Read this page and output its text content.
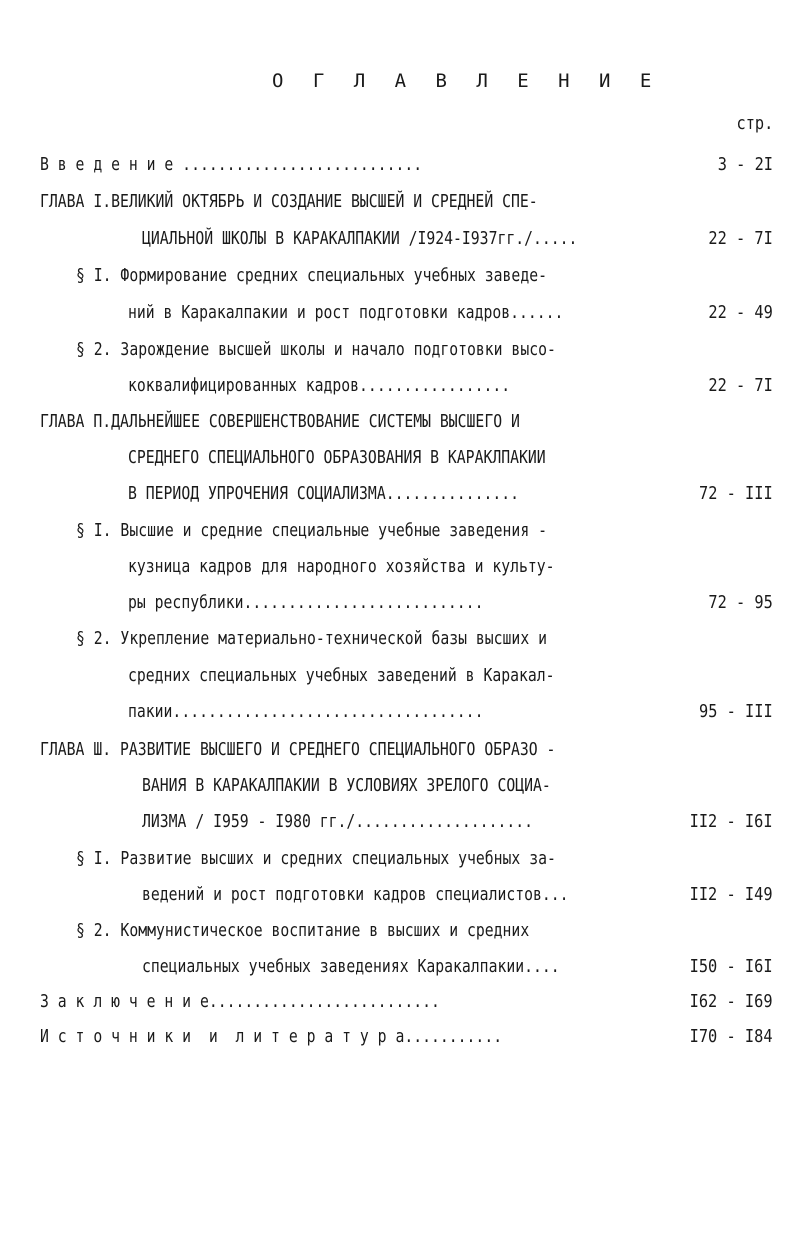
О Г Л А В Л Е Н И Е
стр.
В в е д е н и е ...........................	3 - 2I
ГЛАВА I.ВЕЛИКИЙ ОКТЯБРЬ И СОЗДАНИЕ ВЫСШЕЙ И СРЕДНЕЙ СПЕ-
ЦИАЛЬНОЙ ШКОЛЫ В КАРАКАЛПАКИИ /I924-I937гг./.....	22 - 7I
§ I. Формирование средних специальных учебных заведе-
ний в Каракалпакии и рост подготовки кадров......	22 - 49
§ 2. Зарождение высшей школы и начало подготовки высо-
коквалифицированных кадров.................	22 - 7I
ГЛАВА П.ДАЛЬНЕЙШЕЕ СОВЕРШЕНСТВОВАНИЕ СИСТЕМЫ ВЫСШЕГО И
СРЕДНЕГО СПЕЦИАЛЬНОГО ОБРАЗОВАНИЯ В КАРАКЛПАКИИ
В ПЕРИОД УПРОЧЕНИЯ СОЦИАЛИЗМА...............	72 - III
§ I. Высшие и средние специальные учебные заведения -
кузница кадров для народного хозяйства и культу-
ры республики...........................	72 - 95
§ 2. Укрепление материально-технической базы высших и
средних специальных учебных заведений в Каракал-
пакии...................................	95 - III
ГЛАВА Ш. РАЗВИТИЕ ВЫСШЕГО И СРЕДНЕГО СПЕЦИАЛЬНОГО ОБРАЗО -
ВАНИЯ В КАРАКАЛПАКИИ В УСЛОВИЯХ ЗРЕЛОГО СОЦИА-
ЛИЗМА / I959 - I980 гг./....................	II2 - I6I
§ I. Развитие высших и средних специальных учебных за-
ведений и рост подготовки кадров специалистов...	II2 - I49
§ 2. Коммунистическое воспитание в высших и средних
специальных учебных заведениях Каракалпакии....	I50 - I6I
З а к л ю ч е н и е..........................	I62 - I69
И с т о ч н и к и  и  л и т е р а т у р а...........	I70 - I84
